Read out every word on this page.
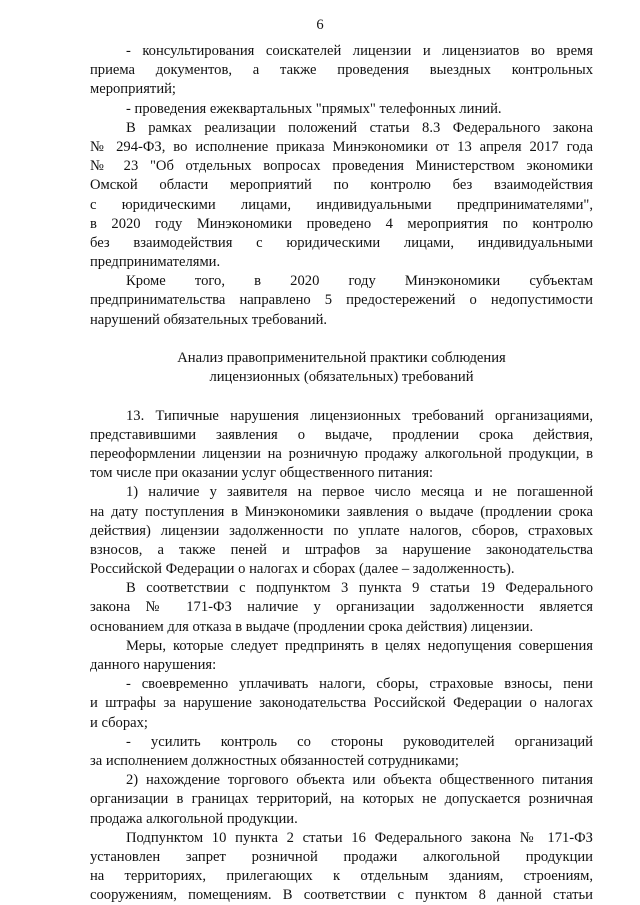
6
- консультирования соискателей лицензии и лицензиатов во время
приема документов, а также проведения выездных контрольных
мероприятий;
- проведения ежеквартальных "прямых" телефонных линий.
В рамках реализации положений статьи 8.3 Федерального закона
№ 294-ФЗ, во исполнение приказа Минэкономики от 13 апреля 2017 года
№ 23 "Об отдельных вопросах проведения Министерством экономики
Омской области мероприятий по контролю без взаимодействия
с юридическими лицами, индивидуальными предпринимателями",
в 2020 году Минэкономики проведено 4 мероприятия по контролю
без взаимодействия с юридическими лицами, индивидуальными
предпринимателями.
Кроме того, в 2020 году Минэкономики субъектам
предпринимательства направлено 5 предостережений о недопустимости
нарушений обязательных требований.
Анализ правоприменительной практики соблюдения
лицензионных (обязательных) требований
13. Типичные нарушения лицензионных требований организациями,
представившими заявления о выдаче, продлении срока действия,
переоформлении лицензии на розничную продажу алкогольной продукции, в
том числе при оказании услуг общественного питания:
1) наличие у заявителя на первое число месяца и не погашенной
на дату поступления в Минэкономики заявления о выдаче (продлении срока
действия) лицензии задолженности по уплате налогов, сборов, страховых
взносов, а также пеней и штрафов за нарушение законодательства
Российской Федерации о налогах и сборах (далее – задолженность).
В соответствии с подпунктом 3 пункта 9 статьи 19 Федерального
закона № 171-ФЗ наличие у организации задолженности является
основанием для отказа в выдаче (продлении срока действия) лицензии.
Меры, которые следует предпринять в целях недопущения совершения
данного нарушения:
- своевременно уплачивать налоги, сборы, страховые взносы, пени
и штрафы за нарушение законодательства Российской Федерации о налогах
и сборах;
- усилить контроль со стороны руководителей организаций
за исполнением должностных обязанностей сотрудниками;
2) нахождение торгового объекта или объекта общественного питания
организации в границах территорий, на которых не допускается розничная
продажа алкогольной продукции.
Подпунктом 10 пункта 2 статьи 16 Федерального закона № 171-ФЗ
установлен запрет розничной продажи алкогольной продукции
на территориях, прилегающих к отдельным зданиям, строениям,
сооружениям, помещениям. В соответствии с пунктом 8 данной статьи
